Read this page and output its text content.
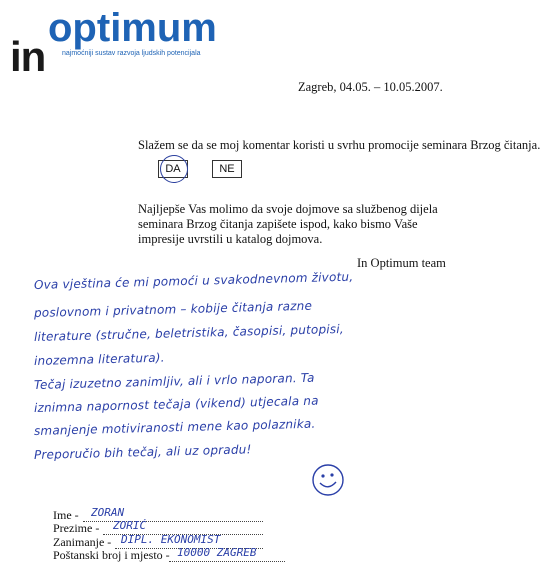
optimum
in najmoćniji sustav razvoja ljudskih potencijala
Zagreb, 04.05. – 10.05.2007.
Slažem se da se moj komentar koristi u svrhu promocije seminara Brzog čitanja.
DA	NE
Najljepše Vas molimo da svoje dojmove sa službenog dijela seminara Brzog čitanja zapišete ispod, kako bismo Vaše impresije uvrstili u katalog dojmova.
In Optimum team
Ova vještina će mi pomoći u svakodnevnom životu,
poslovnom i privatnom – kobije čitanja razne
literature (stručne, beletristika, časopisi, putopisi,
inozemna literatura).
Tečaj izuzetno zanimljiv, ali i vrlo naporan. Ta
iznimna napornost tečaja (vikend) utjecala na
smanjenje motiviranosti mene kao polaznika.
Preporučio bih tečaj, ali uz opradu!
Ime - ZORAN
Prezime - ZORIĆ
Zanimanje - DIPL. EKONOMIST
Poštanski broj i mjesto - 10000 ZAGREB
